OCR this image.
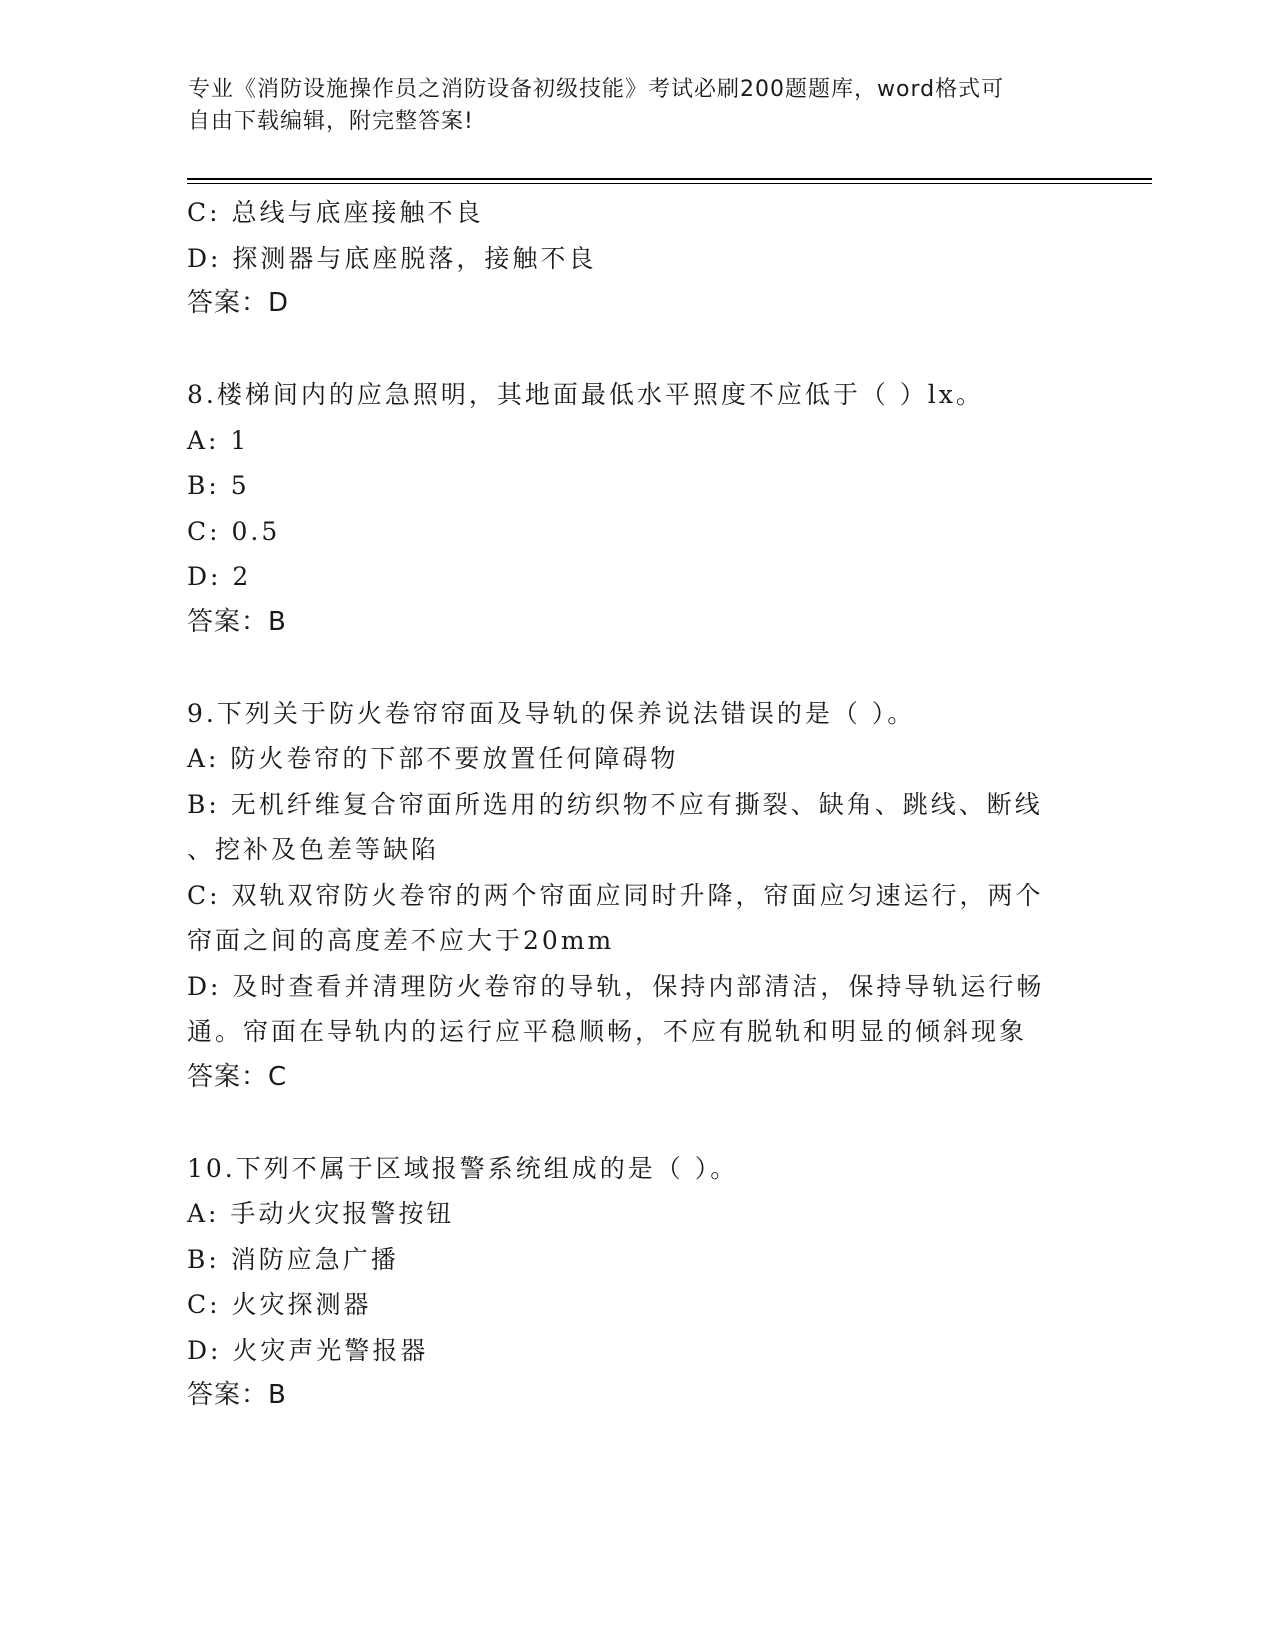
专业《消防设施操作员之消防设备初级技能》考试必刷200题题库，word格式可
自由下载编辑，附完整答案!
C: 总线与底座接触不良
D: 探测器与底座脱落，接触不良
答案：D
8.楼梯间内的应急照明，其地面最低水平照度不应低于（ ）lx。
A: 1
B: 5
C: 0.5
D: 2
答案：B
9.下列关于防火卷帘帘面及导轨的保养说法错误的是（ ）。
A: 防火卷帘的下部不要放置任何障碍物
B: 无机纤维复合帘面所选用的纺织物不应有撕裂、缺角、跳线、断线
、挖补及色差等缺陷
C: 双轨双帘防火卷帘的两个帘面应同时升降，帘面应匀速运行，两个
帘面之间的高度差不应大于20mm
D: 及时查看并清理防火卷帘的导轨，保持内部清洁，保持导轨运行畅
通。帘面在导轨内的运行应平稳顺畅，不应有脱轨和明显的倾斜现象
答案：C
10.下列不属于区域报警系统组成的是（ ）。
A: 手动火灾报警按钮
B: 消防应急广播
C: 火灾探测器
D: 火灾声光警报器
答案：B
